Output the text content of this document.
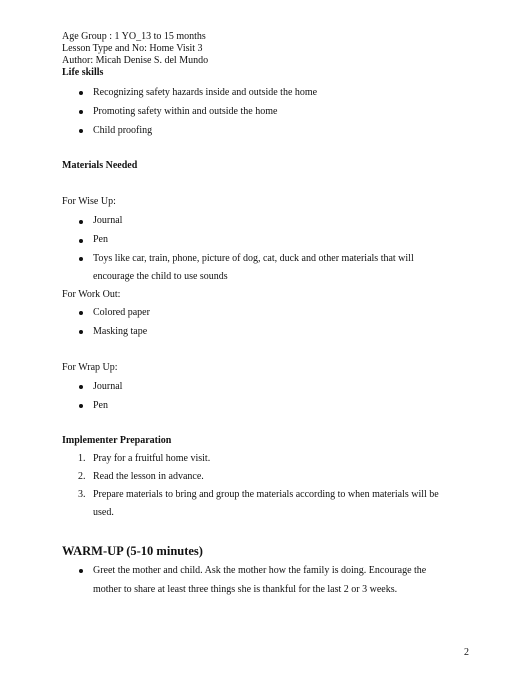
Age Group : 1 YO_13 to 15 months
Lesson Type and No: Home Visit 3
Author: Micah Denise S. del Mundo
Life skills
Recognizing safety hazards inside and outside the home
Promoting safety within and outside the home
Child proofing
Materials Needed
For Wise Up:
Journal
Pen
Toys like car, train, phone, picture of dog, cat, duck and other materials that will
encourage the child to use sounds
For Work Out:
Colored paper
Masking tape
For Wrap Up:
Journal
Pen
Implementer Preparation
1. Pray for a fruitful home visit.
2. Read the lesson in advance.
3. Prepare materials to bring and group the materials according to when materials will be
used.
WARM-UP (5-10 minutes)
Greet the mother and child. Ask the mother how the family is doing. Encourage the
mother to share at least three things she is thankful for the last 2 or 3 weeks.
2
